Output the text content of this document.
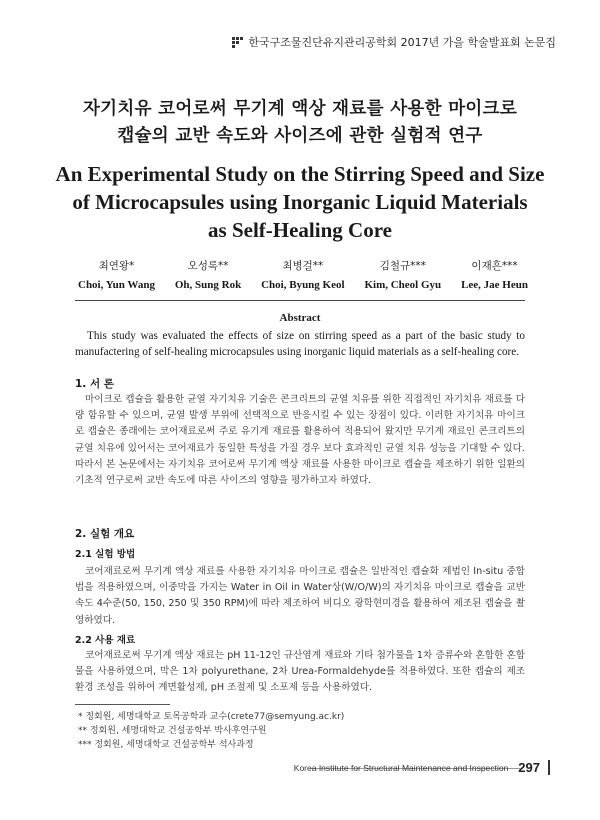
한국구조물진단유지관리공학회 2017년 가을 학술발표회 논문집
자기치유 코어로써 무기계 액상 재료를 사용한 마이크로
캡슐의 교반 속도와 사이즈에 관한 실험적 연구
An Experimental Study on the Stirring Speed and Size
of Microcapsules using Inorganic Liquid Materials
as Self-Healing Core
최연왕*
Choi, Yun Wang
오성록**
Oh, Sung Rok
최병걸**
Choi, Byung Keol
김철규***
Kim, Cheol Gyu
이재흔***
Lee, Jae Heun
Abstract
This study was evaluated the effects of size on stirring speed as a part of the basic study to manufactering of self-healing microcapsules using inorganic liquid materials as a self-healing core.
1. 서 론
마이크로 캡슐을 활용한 균열 자기치유 기술은 콘크리트의 균열 치유를 위한 직접적인 자기치유 재료를 다량 함유할 수 있으며, 균열 발생 부위에 선택적으로 반응시킬 수 있는 장점이 있다. 이러한 자기치유 마이크로 캡슐은 종래에는 코어재료로써 주로 유기계 재료를 활용하여 적용되어 왔지만 무기계 재료인 콘크리트의 균열 치유에 있어서는 코어재료가 동일한 특성을 가질 경우 보다 효과적인 균열 치유 성능을 기대할 수 있다. 따라서 본 논문에서는 자기치유 코어로써 무기계 액상 재료를 사용한 마이크로 캡슐을 제조하기 위한 일환의 기초적 연구로써 교반 속도에 따른 사이즈의 영향을 평가하고자 하였다.
2. 실험 개요
2.1 실험 방법
코어재료로써 무기계 액상 재료를 사용한 자기치유 마이크로 캡슐은 일반적인 캡슐화 제법인 In-situ 중합법을 적용하였으며, 이중막을 가지는 Water in Oil in Water상(W/O/W)의 자기치유 마이크로 캡슐을 교반 속도 4수준(50, 150, 250 및 350 RPM)에 따라 제조하여 비디오 광학현미경을 활용하여 제조된 캡슐을 촬영하였다.
2.2 사용 재료
코어재료로써 무기계 액상 재료는 pH 11-12인 규산염계 재료와 기타 첨가물을 1차 증류수와 혼합한 혼합물을 사용하였으며, 막은 1차 polyurethane, 2차 Urea-Formaldehyde를 적용하였다. 또한 캡슐의 제조 환경 조성을 위하여 계면활성제, pH 조절제 및 소포제 등을 사용하였다.
* 정회원, 세명대학교 토목공학과 교수(crete77@semyung.ac.kr)
** 정회원, 세명대학교 건설공학부 박사후연구원
*** 정회원, 세명대학교 건설공학부 석사과정
Korea Institute for Structural Maintenance and Inspection 297
